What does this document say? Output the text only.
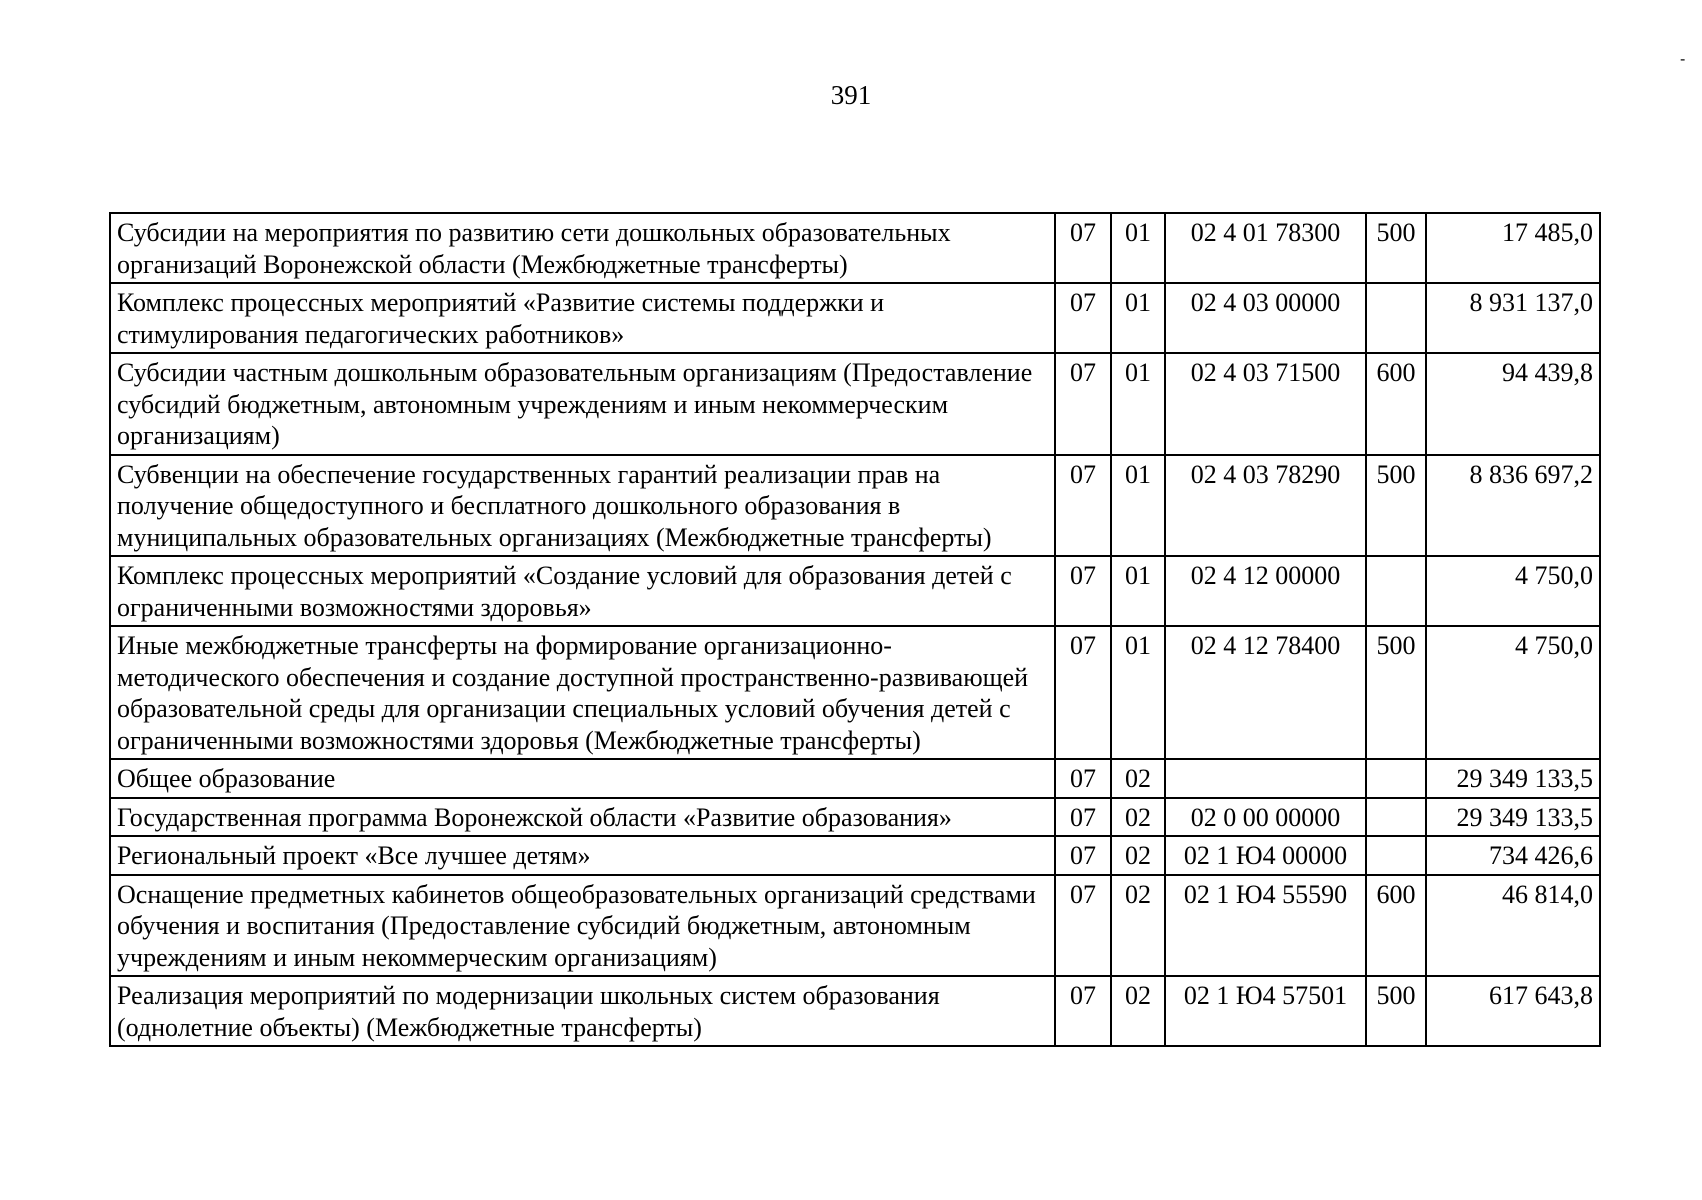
391
-
Субсидии на мероприятия по развитию сети дошкольных образовательных организаций Воронежской области (Межбюджетные трансферты)	07	01	02 4 01 78300	500	17 485,0
Комплекс процессных мероприятий «Развитие системы поддержки и стимулирования педагогических работников»	07	01	02 4 03 00000		8 931 137,0
Субсидии частным дошкольным образовательным организациям (Предоставление субсидий бюджетным, автономным учреждениям и иным некоммерческим организациям)	07	01	02 4 03 71500	600	94 439,8
Субвенции на обеспечение государственных гарантий реализации прав на получение общедоступного и бесплатного дошкольного образования в муниципальных образовательных организациях (Межбюджетные трансферты)	07	01	02 4 03 78290	500	8 836 697,2
Комплекс процессных мероприятий «Создание условий для образования детей с ограниченными возможностями здоровья»	07	01	02 4 12 00000		4 750,0
Иные межбюджетные трансферты на формирование организационно-методического обеспечения и создание доступной пространственно-развивающей образовательной среды для организации специальных условий обучения детей с ограниченными возможностями здоровья (Межбюджетные трансферты)	07	01	02 4 12 78400	500	4 750,0
Общее образование	07	02			29 349 133,5
Государственная программа Воронежской области «Развитие образования»	07	02	02 0 00 00000		29 349 133,5
Региональный проект «Все лучшее детям»	07	02	02 1 Ю4 00000		734 426,6
Оснащение предметных кабинетов общеобразовательных организаций средствами обучения и воспитания (Предоставление субсидий бюджетным, автономным учреждениям и иным некоммерческим организациям)	07	02	02 1 Ю4 55590	600	46 814,0
Реализация мероприятий по модернизации школьных систем образования (однолетние объекты) (Межбюджетные трансферты)	07	02	02 1 Ю4 57501	500	617 643,8
